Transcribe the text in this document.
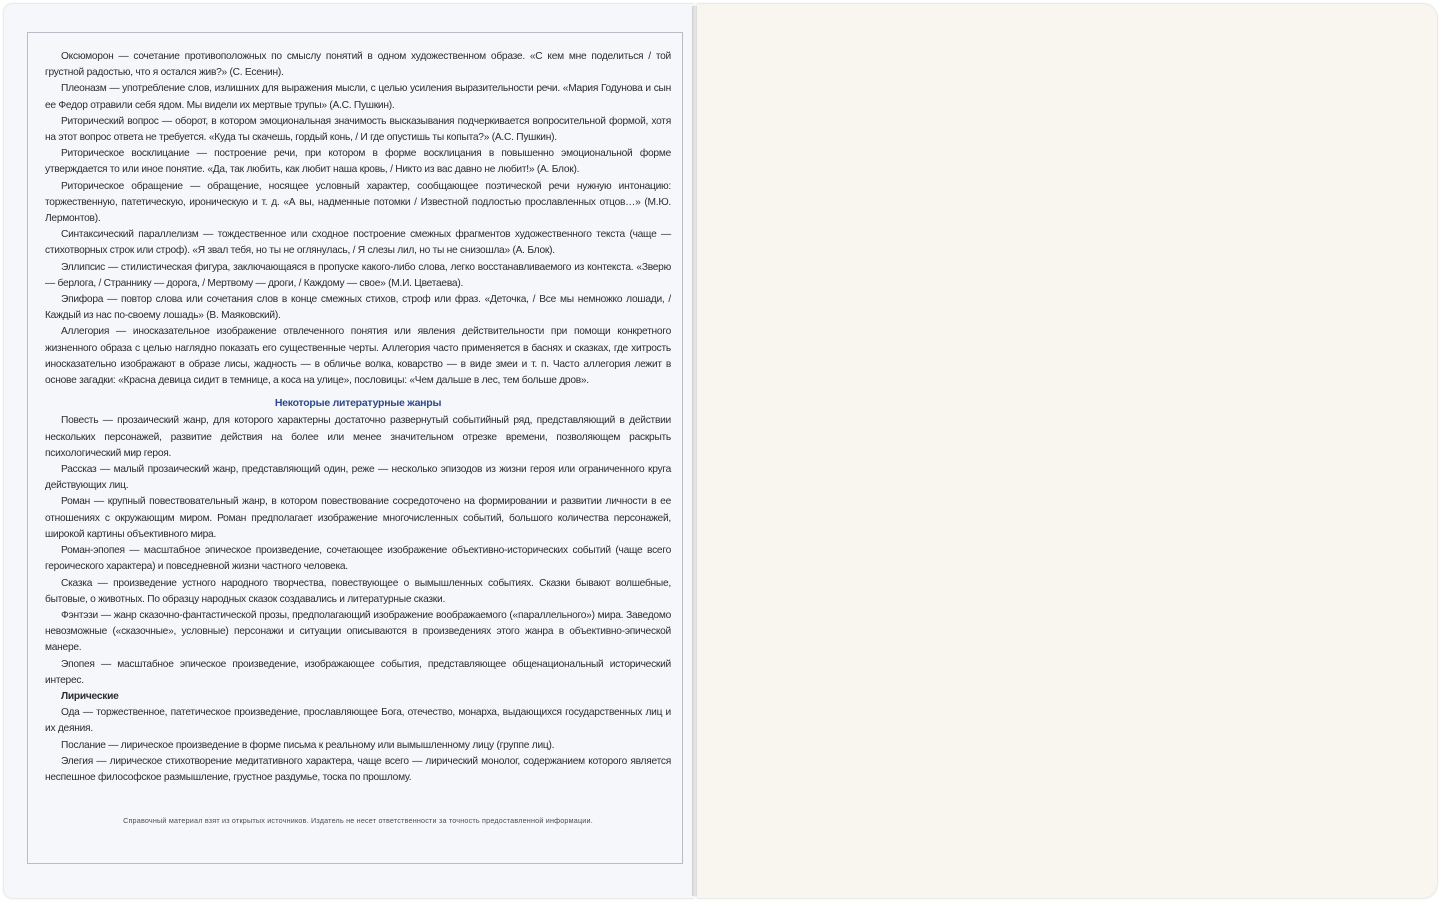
Оксюморон — сочетание противоположных по смыслу понятий в одном художественном образе. «С кем мне поделиться / той грустной радостью, что я остался жив?» (С. Есенин).

Плеоназм — употребление слов, излишних для выражения мысли, с целью усиления выразительности речи. «Мария Годунова и сын ее Федор отравили себя ядом. Мы видели их мертвые трупы» (А.С. Пушкин).

Риторический вопрос — оборот, в котором эмоциональная значимость высказывания подчеркивается вопросительной формой, хотя на этот вопрос ответа не требуется. «Куда ты скачешь, гордый конь, / И где опустишь ты копыта?» (А.С. Пушкин).

Риторическое восклицание — построение речи, при котором в форме восклицания в повышенно эмоциональной форме утверждается то или иное понятие. «Да, так любить, как любит наша кровь, / Никто из вас давно не любит!» (А. Блок).

Риторическое обращение — обращение, носящее условный характер, сообщающее поэтической речи нужную интонацию: торжественную, патетическую, ироническую и т. д. «А вы, надменные потомки / Известной подлостью прославленных отцов…» (М.Ю. Лермонтов).

Синтаксический параллелизм — тождественное или сходное построение смежных фрагментов художественного текста (чаще — стихотворных строк или строф). «Я звал тебя, но ты не оглянулась, / Я слезы лил, но ты не снизошла» (А. Блок).

Эллипсис — стилистическая фигура, заключающаяся в пропуске какого-либо слова, легко восстанавливаемого из контекста. «Зверю — берлога, / Страннику — дорога, / Мертвому — дроги, / Каждому — свое» (М.И. Цветаева).

Эпифора — повтор слова или сочетания слов в конце смежных стихов, строф или фраз. «Деточка, / Все мы немножко лошади, / Каждый из нас по-своему лошадь» (В. Маяковский).

Аллегория — иносказательное изображение отвлеченного понятия или явления действительности при помощи конкретного жизненного образа с целью наглядно показать его существенные черты. Аллегория часто применяется в баснях и сказках, где хитрость иносказательно изображают в образе лисы, жадность — в обличье волка, коварство — в виде змеи и т. п. Часто аллегория лежит в основе загадки: «Красна девица сидит в темнице, а коса на улице», пословицы: «Чем дальше в лес, тем больше дров».

Некоторые литературные жанры

Повесть — прозаический жанр, для которого характерны достаточно развернутый событийный ряд, представляющий в действии нескольких персонажей, развитие действия на более или менее значительном отрезке времени, позволяющем раскрыть психологический мир героя.

Рассказ — малый прозаический жанр, представляющий один, реже — несколько эпизодов из жизни героя или ограниченного круга действующих лиц.

Роман — крупный повествовательный жанр, в котором повествование сосредоточено на формировании и развитии личности в ее отношениях с окружающим миром. Роман предполагает изображение многочисленных событий, большого количества персонажей, широкой картины объективного мира.

Роман-эпопея — масштабное эпическое произведение, сочетающее изображение объективно-исторических событий (чаще всего героического характера) и повседневной жизни частного человека.

Сказка — произведение устного народного творчества, повествующее о вымышленных событиях. Сказки бывают волшебные, бытовые, о животных. По образцу народных сказок создавались и литературные сказки.

Фэнтэзи — жанр сказочно-фантастической прозы, предполагающий изображение воображаемого («параллельного») мира. Заведомо невозможные («сказочные», условные) персонажи и ситуации описываются в произведениях этого жанра в объективно-эпической манере.

Эпопея — масштабное эпическое произведение, изображающее события, представляющее общенациональный исторический интерес.

Лирические

Ода — торжественное, патетическое произведение, прославляющее Бога, отечество, монарха, выдающихся государственных лиц и их деяния.

Послание — лирическое произведение в форме письма к реальному или вымышленному лицу (группе лиц).

Элегия — лирическое стихотворение медитативного характера, чаще всего — лирический монолог, содержанием которого является неспешное философское размышление, грустное раздумье, тоска по прошлому.

Справочный материал взят из открытых источников. Издатель не несет ответственности за точность предоставленной информации.
